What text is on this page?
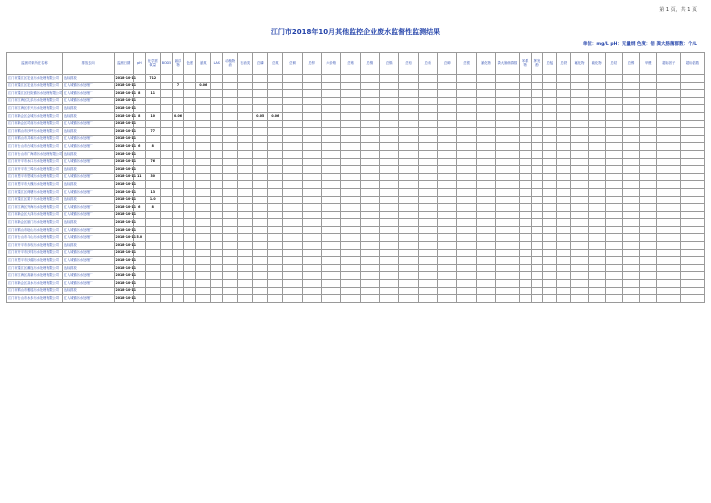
第 1 页，共 1 页
江门市2018年10月其他监控企业废水监督性监测结果
单位：mg/L pH：无量纲 色度：倍 粪大肠菌群数：个/L
监测对象所在名称	排放去向	监测日期	pH	化学需氧量	BOD5	悬浮物	色度	氨氮	LAS	动植物油	石油类	总磷	总氮	总铜	总锌	六价铬	总铬	总镍	总镉	总铅	总汞	总砷	总银	氰化物	粪大肠菌群数	苯系物	挥发酚	总锰	总铁	氟化物	硫化物	总钴	总锡	甲醛	超标因子	超标倍数
江门市蓬江区宏业污水处理有限公司	达标排放	2018-10-11		712																																
江门市蓬江区宏业污水处理有限公司	汇入城镇污水处理厂	2018-10-11				7		0.06																												
江门市蓬江区杜阮镇污水处理有限公司	汇入城镇污水处理厂	2018-10-11	8	11																																
江门市江海区礼乐污水处理有限公司	汇入城镇污水处理厂	2018-10-11																																		
江门市江海区东兴污水处理有限公司	达标排放	2018-10-11																																		
江门市新会区会城污水处理有限公司	达标排放	2018-10-11	8	10		0.06						0.05	0.06																							
江门市新会区司前污水处理有限公司	汇入城镇污水处理厂	2018-10-11																																		
江门市鹤山市沙坪污水处理有限公司	达标排放	2018-10-11		77																																
江门市鹤山市共和污水处理有限公司	汇入城镇污水处理厂	2018-10-11																																		
江门市台山市台城污水处理有限公司	汇入城镇污水处理厂	2018-10-11	6	8																																
江门市台山市广海湾污水处理有限公司	达标排放	2018-10-11																																		
江门市开平市水口污水处理有限公司	汇入城镇污水处理厂	2018-10-11		76																																
江门市开平市三埠污水处理有限公司	达标排放	2018-10-11																																		
江门市恩平市恩城污水处理有限公司	汇入城镇污水处理厂	2018-10-11	11	30																																
江门市恩平市大槐污水处理有限公司	达标排放	2018-10-11																																		
江门市蓬江区荷塘污水处理有限公司	汇入城镇污水处理厂	2018-10-11		13																																
江门市蓬江区棠下污水处理有限公司	达标排放	2018-10-11		1.0																																
江门市江海区外海污水处理有限公司	汇入城镇污水处理厂	2018-10-11	6	8																																
江门市新会区大泽污水处理有限公司	汇入城镇污水处理厂	2018-10-11																																		
江门市新会区崖门污水处理有限公司	达标排放	2018-10-11																																		
江门市鹤山市址山污水处理有限公司	汇入城镇污水处理厂	2018-10-11																																		
江门市台山市斗山污水处理有限公司	汇入城镇污水处理厂	2018-10-11	5.0																																	
江门市开平市赤坎污水处理有限公司	达标排放	2018-10-11																																		
江门市开平市沙冈污水处理有限公司	汇入城镇污水处理厂	2018-10-11																																		
江门市恩平市沙湖污水处理有限公司	汇入城镇污水处理厂	2018-10-11																																		
江门市蓬江区潮连污水处理有限公司	达标排放	2018-10-11																																		
江门市江海区高新污水处理有限公司	汇入城镇污水处理厂	2018-10-11																																		
江门市新会区双水污水处理有限公司	汇入城镇污水处理厂	2018-10-11																																		
江门市鹤山市雅瑶污水处理有限公司	达标排放	2018-10-11																																		
江门市台山市水步污水处理有限公司	汇入城镇污水处理厂	2018-10-11																																		
